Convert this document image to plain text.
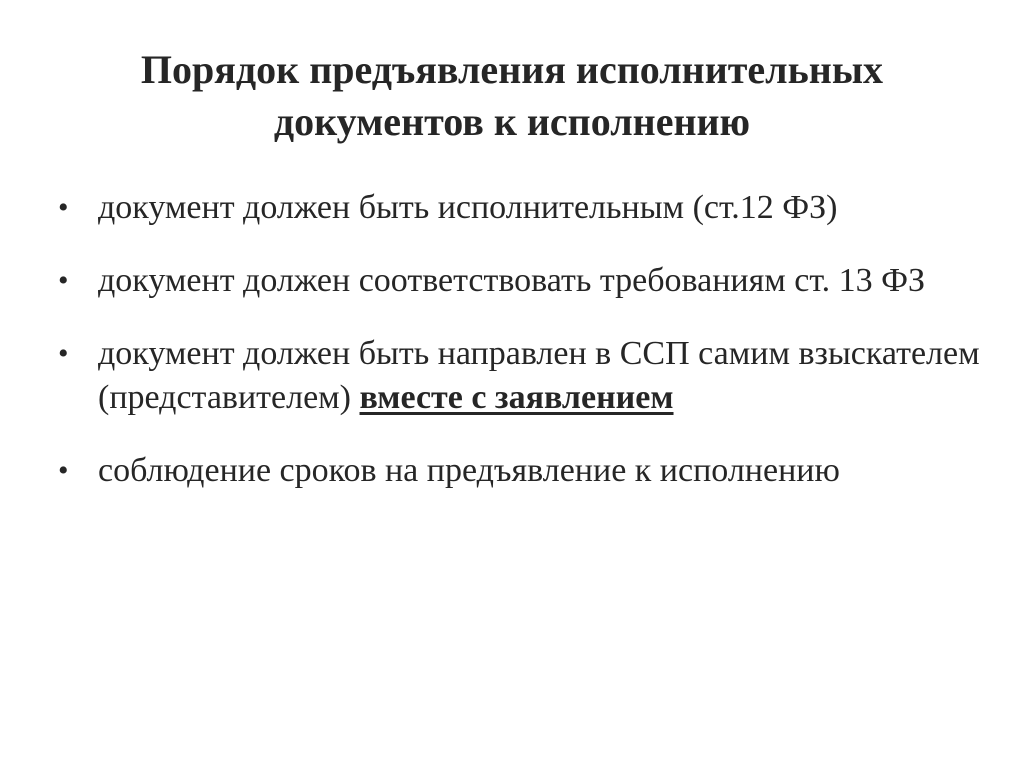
Порядок предъявления исполнительных
документов к исполнению
• документ должен быть исполнительным (ст.12 ФЗ)
• документ должен соответствовать требованиям ст. 13 ФЗ
• документ должен быть направлен в ССП самим взыскателем (представителем) вместе с заявлением
• соблюдение сроков на предъявление к исполнению
